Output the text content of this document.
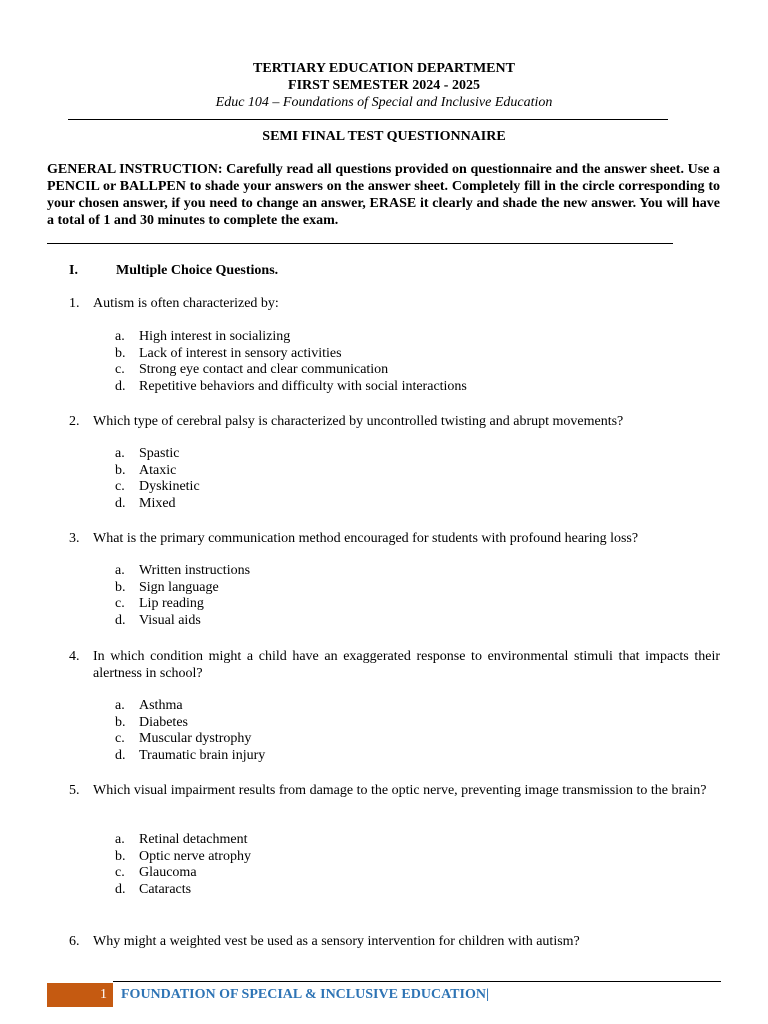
TERTIARY EDUCATION DEPARTMENT
FIRST SEMESTER 2024 - 2025
Educ 104 – Foundations of Special and Inclusive Education
SEMI FINAL TEST QUESTIONNAIRE
GENERAL INSTRUCTION: Carefully read all questions provided on questionnaire and the answer sheet. Use a PENCIL or BALLPEN to shade your answers on the answer sheet. Completely fill in the circle corresponding to your chosen answer, if you need to change an answer, ERASE it clearly and shade the new answer. You will have a total of 1 and 30 minutes to complete the exam.
I.	Multiple Choice Questions.
1. Autism is often characterized by:
a. High interest in socializing
b. Lack of interest in sensory activities
c. Strong eye contact and clear communication
d. Repetitive behaviors and difficulty with social interactions
2. Which type of cerebral palsy is characterized by uncontrolled twisting and abrupt movements?
a. Spastic
b. Ataxic
c. Dyskinetic
d. Mixed
3. What is the primary communication method encouraged for students with profound hearing loss?
a. Written instructions
b. Sign language
c. Lip reading
d. Visual aids
4. In which condition might a child have an exaggerated response to environmental stimuli that impacts their alertness in school?
a. Asthma
b. Diabetes
c. Muscular dystrophy
d. Traumatic brain injury
5. Which visual impairment results from damage to the optic nerve, preventing image transmission to the brain?
a. Retinal detachment
b. Optic nerve atrophy
c. Glaucoma
d. Cataracts
6. Why might a weighted vest be used as a sensory intervention for children with autism?
1	FOUNDATION OF SPECIAL & INCLUSIVE EDUCATION|
